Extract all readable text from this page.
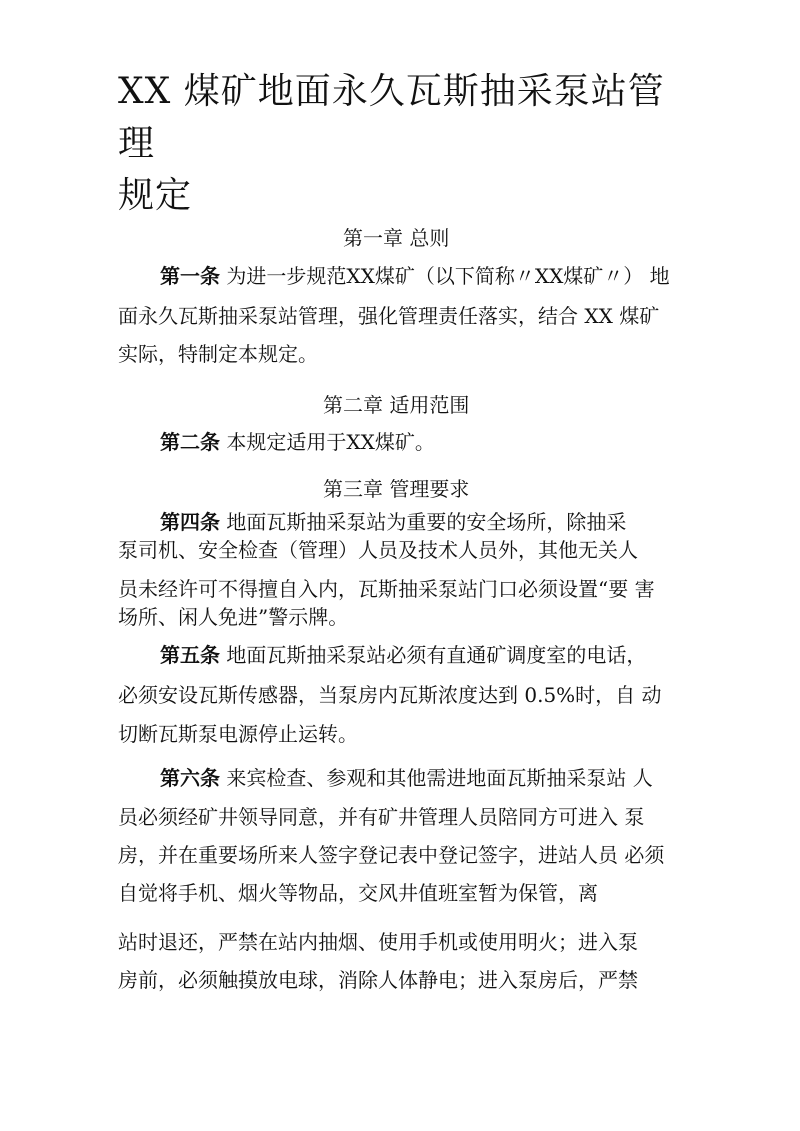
XX 煤矿地面永久瓦斯抽采泵站管理
规定
第一章 总则
第一条 为进一步规范XX煤矿（以下简称〃XX煤矿〃） 地
面永久瓦斯抽采泵站管理，强化管理责任落实，结合 XX 煤矿
实际，特制定本规定。
第二章 适用范围
第二条 本规定适用于XX煤矿。
第三章 管理要求
第四条 地面瓦斯抽采泵站为重要的安全场所，除抽采
泵司机、安全检查（管理）人员及技术人员外，其他无关人
员未经许可不得擅自入内，瓦斯抽采泵站门口必须设置“要 害
场所、闲人免进”警示牌。
第五条 地面瓦斯抽采泵站必须有直通矿调度室的电话，
必须安设瓦斯传感器，当泵房内瓦斯浓度达到 0.5%时，自 动
切断瓦斯泵电源停止运转。
第六条 来宾检查、参观和其他需进地面瓦斯抽采泵站 人
员必须经矿井领导同意，并有矿井管理人员陪同方可进入 泵
房，并在重要场所来人签字登记表中登记签字，进站人员 必须
自觉将手机、烟火等物品，交风井值班室暂为保管，离
站时退还，严禁在站内抽烟、使用手机或使用明火；进入泵
房前，必须触摸放电球，消除人体静电；进入泵房后，严禁
